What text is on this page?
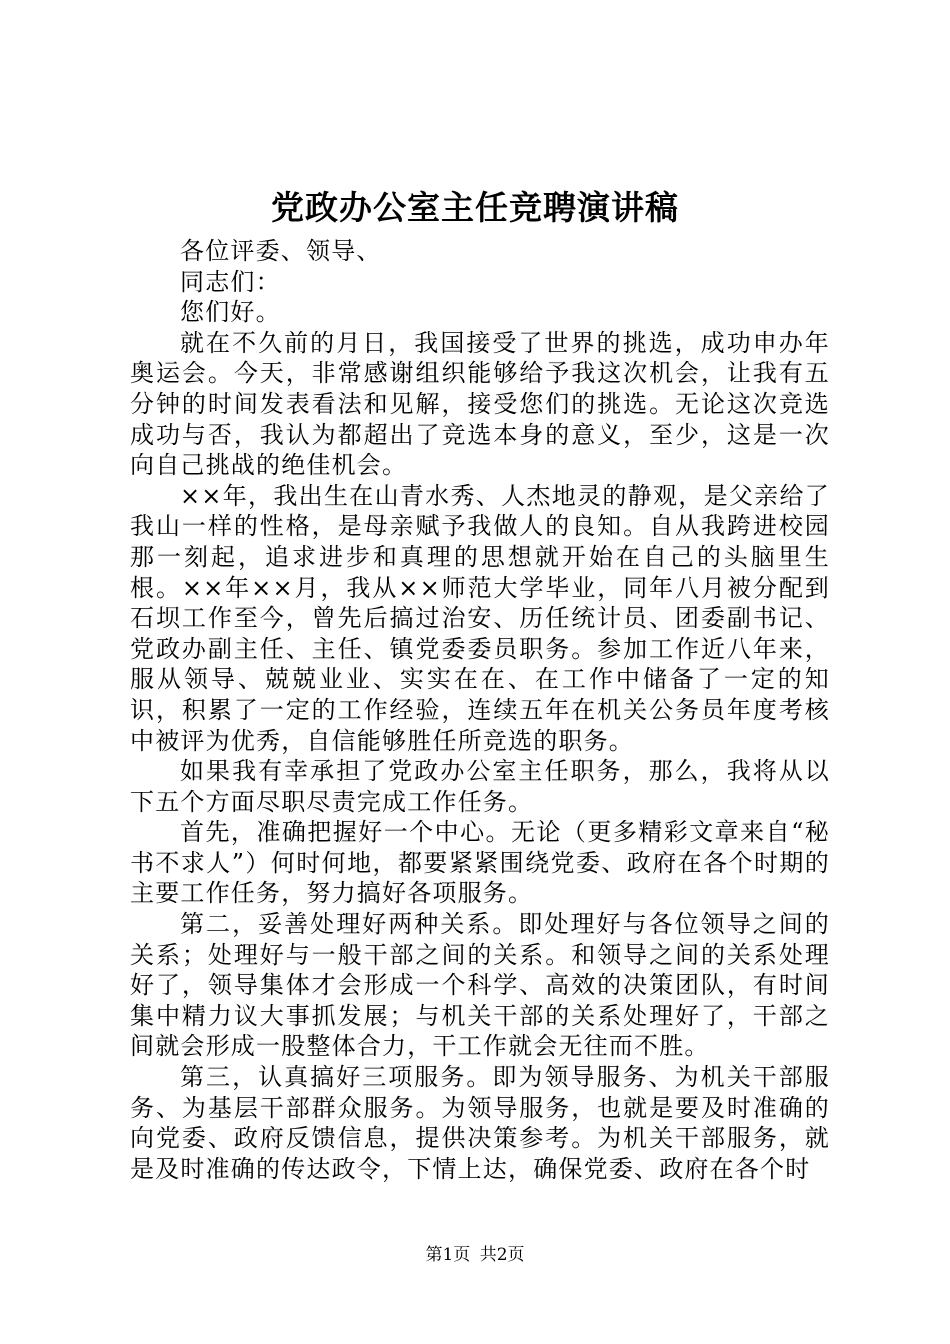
党政办公室主任竞聘演讲稿

各位评委、领导、

同志们：

您们好。

就在不久前的月日，我国接受了世界的挑选，成功申办年奥运会。今天，非常感谢组织能够给予我这次机会，让我有五分钟的时间发表看法和见解，接受您们的挑选。无论这次竞选成功与否，我认为都超出了竞选本身的意义，至少，这是一次向自己挑战的绝佳机会。

××年，我出生在山青水秀、人杰地灵的静观，是父亲给了我山一样的性格，是母亲赋予我做人的良知。自从我跨进校园那一刻起，追求进步和真理的思想就开始在自己的头脑里生根。××年××月，我从××师范大学毕业，同年八月被分配到石坝工作至今，曾先后搞过治安、历任统计员、团委副书记、党政办副主任、主任、镇党委委员职务。参加工作近八年来，服从领导、兢兢业业、实实在在、在工作中储备了一定的知识，积累了一定的工作经验，连续五年在机关公务员年度考核中被评为优秀，自信能够胜任所竞选的职务。

如果我有幸承担了党政办公室主任职务，那么，我将从以下五个方面尽职尽责完成工作任务。

首先，准确把握好一个中心。无论（更多精彩文章来自“秘书不求人”）何时何地，都要紧紧围绕党委、政府在各个时期的主要工作任务，努力搞好各项服务。

第二，妥善处理好两种关系。即处理好与各位领导之间的关系；处理好与一般干部之间的关系。和领导之间的关系处理好了，领导集体才会形成一个科学、高效的决策团队，有时间集中精力议大事抓发展；与机关干部的关系处理好了，干部之间就会形成一股整体合力，干工作就会无往而不胜。

第三，认真搞好三项服务。即为领导服务、为机关干部服务、为基层干部群众服务。为领导服务，也就是要及时准确的向党委、政府反馈信息，提供决策参考。为机关干部服务，就是及时准确的传达政令，下情上达，确保党委、政府在各个时

第1页 共2页
